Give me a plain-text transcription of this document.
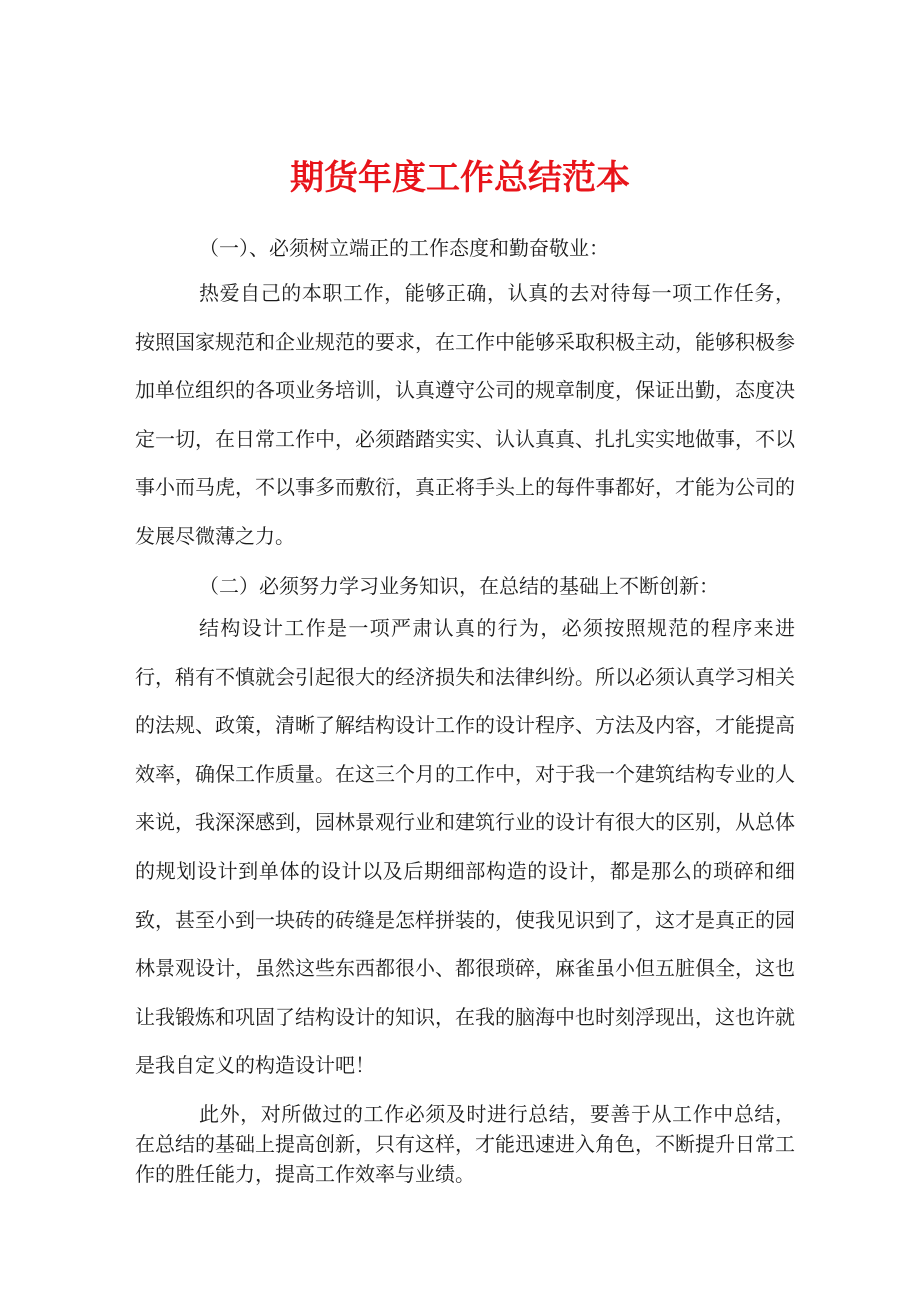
期货年度工作总结范本

（一）、必须树立端正的工作态度和勤奋敬业：

热爱自己的本职工作，能够正确，认真的去对待每一项工作任务，按照国家规范和企业规范的要求，在工作中能够采取积极主动，能够积极参加单位组织的各项业务培训，认真遵守公司的规章制度，保证出勤，态度决定一切，在日常工作中，必须踏踏实实、认认真真、扎扎实实地做事，不以事小而马虎，不以事多而敷衍，真正将手头上的每件事都好，才能为公司的发展尽微薄之力。

（二）必须努力学习业务知识，在总结的基础上不断创新：

结构设计工作是一项严肃认真的行为，必须按照规范的程序来进行，稍有不慎就会引起很大的经济损失和法律纠纷。所以必须认真学习相关的法规、政策，清晰了解结构设计工作的设计程序、方法及内容，才能提高效率，确保工作质量。在这三个月的工作中，对于我一个建筑结构专业的人来说，我深深感到，园林景观行业和建筑行业的设计有很大的区别，从总体的规划设计到单体的设计以及后期细部构造的设计，都是那么的琐碎和细致，甚至小到一块砖的砖缝是怎样拼装的，使我见识到了，这才是真正的园林景观设计，虽然这些东西都很小、都很琐碎，麻雀虽小但五脏俱全，这也让我锻炼和巩固了结构设计的知识，在我的脑海中也时刻浮现出，这也许就是我自定义的构造设计吧！

此外，对所做过的工作必须及时进行总结，要善于从工作中总结，在总结的基础上提高创新，只有这样，才能迅速进入角色，不断提升日常工作的胜任能力，提高工作效率与业绩。
